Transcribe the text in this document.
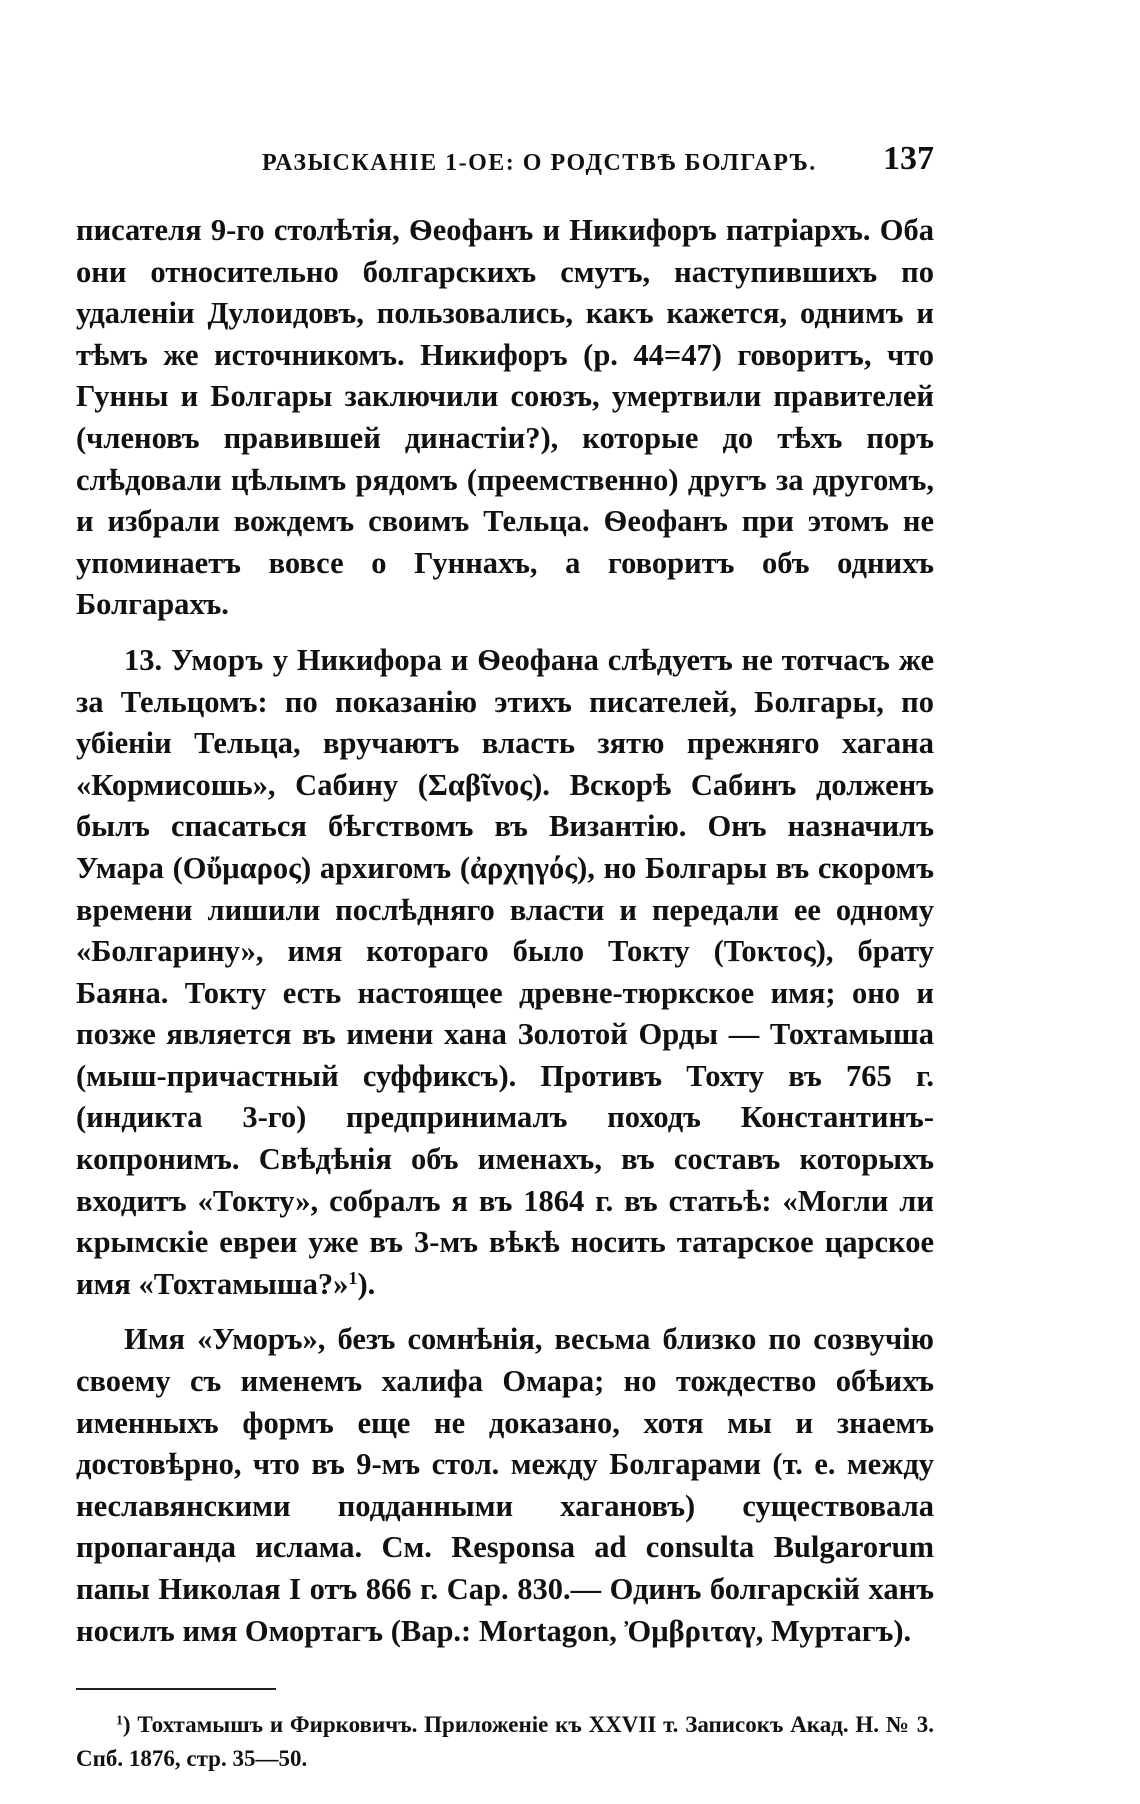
РАЗЫСКАНIЕ 1-ОЕ: О РОДСТВѢ БОЛГАРЪ. 137

писателя 9-го столѣтiя, Ѳеофанъ и Никифоръ патрiархъ. Оба они относительно болгарскихъ смутъ, наступившихъ по удаленiи Дулоидовъ, пользовались, какъ кажется, однимъ и тѣмъ же источникомъ. Никифоръ (р. 44=47) говоритъ, что Гунны и Болгары заключили союзъ, умертвили правителей (членовъ правившей династiи?), которые до тѣхъ поръ слѣдовали цѣлымъ рядомъ (преемственно) другъ за другомъ, и избрали вождемъ своимъ Тельца. Ѳеофанъ при этомъ не упоминаетъ вовсе о Гуннахъ, а говоритъ объ однихъ Болгарахъ.

13. Уморъ у Никифора и Ѳеофана слѣдуетъ не тотчасъ же за Тельцомъ: по показанiю этихъ писателей, Болгары, по убiенiи Тельца, вручаютъ власть зятю прежняго хагана «Кормисошь», Сабину (Σαβῖνος). Вскорѣ Сабинъ долженъ былъ спасаться бѣгствомъ въ Византiю. Онъ назначилъ Умара (Οὔμαρος) архигомъ (ἀρχηγός), но Болгары въ скоромъ времени лишили послѣдняго власти и передали ее одному «Болгарину», имя котораго было Токту (Τοκτος), брату Баяна. Токту есть настоящее древне-тюркское имя; оно и позже является въ имени хана Золотой Орды — Тохтамыша (мыш-причастный суффиксъ). Противъ Тохту въ 765 г. (индикта 3-го) предпринималъ походъ Константинъ-копронимъ. Свѣдѣнiя объ именахъ, въ составъ которыхъ входитъ «Токту», собралъ я въ 1864 г. въ статьѣ: «Могли ли крымскiе евреи уже въ 3-мъ вѣкѣ носить татарское царское имя «Тохтамыша?»$^1$).

Имя «Уморъ», безъ сомнѣнiя, весьма близко по созвучiю своему съ именемъ халифа Омара; но тождество обѣихъ именныхъ формъ еще не доказано, хотя мы и знаемъ достовѣрно, что въ 9-мъ стол. между Болгарами (т. е. между неславянскими подданными хагановъ) существовала пропаганда ислама. См. Responsa ad consulta Bulgarorum папы Николая I отъ 866 г. Cap. 830.— Одинъ болгарскiй ханъ носилъ имя Омортагъ (Вар.: Mortagon, Ὀμβριταγ, Муртагъ).

$^1$) Тохтамышъ и Фирковичъ. Приложенiе къ XXVII т. Записокъ Акад. Н. № 3. Спб. 1876, стр. 35—50.
